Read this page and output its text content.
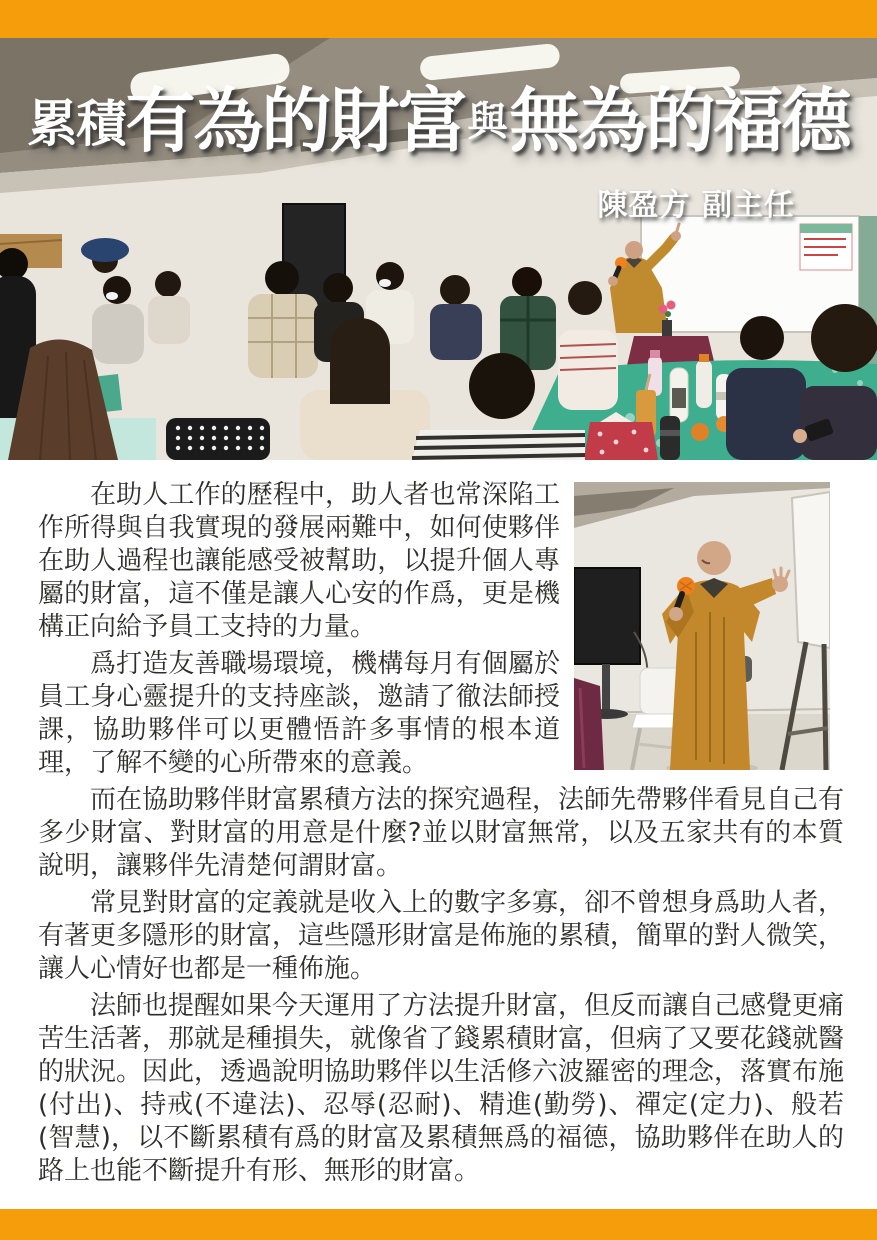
累積有為的財富與無為的福德
陳盈方 副主任

在助人工作的歷程中，助人者也常深陷工作所得與自我實現的發展兩難中，如何使夥伴在助人過程也讓能感受被幫助，以提升個人專屬的財富，這不僅是讓人心安的作爲，更是機構正向給予員工支持的力量。

爲打造友善職場環境，機構每月有個屬於員工身心靈提升的支持座談，邀請了徹法師授課，協助夥伴可以更體悟許多事情的根本道理，了解不變的心所帶來的意義。

而在協助夥伴財富累積方法的探究過程，法師先帶夥伴看見自己有多少財富、對財富的用意是什麼?並以財富無常，以及五家共有的本質說明，讓夥伴先清楚何謂財富。

常見對財富的定義就是收入上的數字多寡，卻不曾想身爲助人者，有著更多隱形的財富，這些隱形財富是佈施的累積，簡單的對人微笑，讓人心情好也都是一種佈施。

法師也提醒如果今天運用了方法提升財富，但反而讓自己感覺更痛苦生活著，那就是種損失，就像省了錢累積財富，但病了又要花錢就醫的狀況。因此，透過說明協助夥伴以生活修六波羅密的理念，落實布施(付出)、持戒(不違法)、忍辱(忍耐)、精進(勤勞)、禪定(定力)、般若(智慧)，以不斷累積有爲的財富及累積無爲的福德，協助夥伴在助人的路上也能不斷提升有形、無形的財富。
